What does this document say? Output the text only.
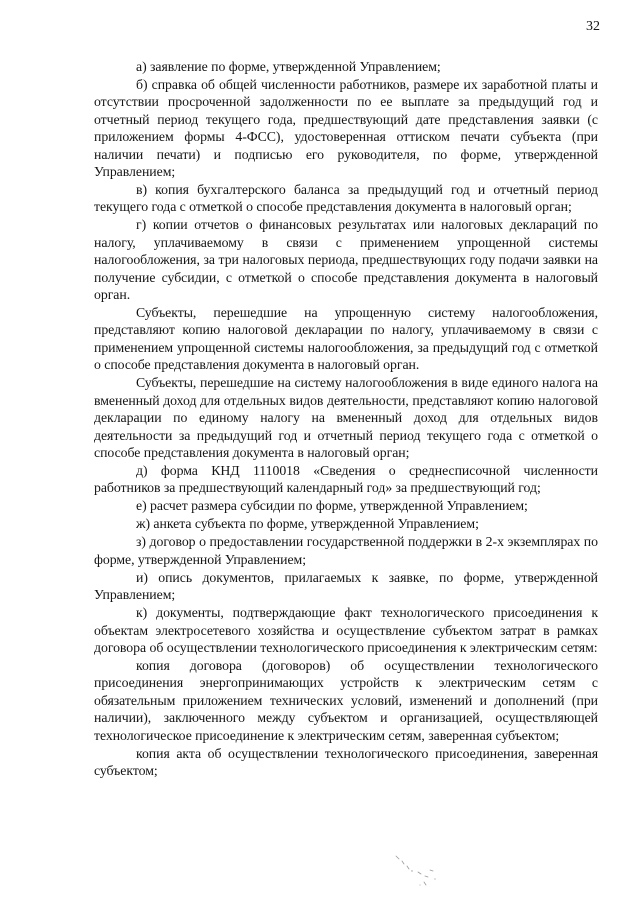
32

а) заявление по форме, утвержденной Управлением;

б) справка об общей численности работников, размере их заработной платы и отсутствии просроченной задолженности по ее выплате за предыдущий год и отчетный период текущего года, предшествующий дате представления заявки (с приложением формы 4-ФСС), удостоверенная оттиском печати субъекта (при наличии печати) и подписью его руководителя, по форме, утвержденной Управлением;

в) копия бухгалтерского баланса за предыдущий год и отчетный период текущего года с отметкой о способе представления документа в налоговый орган;

г) копии отчетов о финансовых результатах или налоговых деклараций по налогу, уплачиваемому в связи с применением упрощенной системы налогообложения, за три налоговых периода, предшествующих году подачи заявки на получение субсидии, с отметкой о способе представления документа в налоговый орган.

Субъекты, перешедшие на упрощенную систему налогообложения, представляют копию налоговой декларации по налогу, уплачиваемому в связи с применением упрощенной системы налогообложения, за предыдущий год с отметкой о способе представления документа в налоговый орган.

Субъекты, перешедшие на систему налогообложения в виде единого налога на вмененный доход для отдельных видов деятельности, представляют копию налоговой декларации по единому налогу на вмененный доход для отдельных видов деятельности за предыдущий год и отчетный период текущего года с отметкой о способе представления документа в налоговый орган;

д) форма КНД 1110018 «Сведения о среднесписочной численности работников за предшествующий календарный год» за предшествующий год;

е) расчет размера субсидии по форме, утвержденной Управлением;

ж) анкета субъекта по форме, утвержденной Управлением;

з) договор о предоставлении государственной поддержки в 2-х экземплярах по форме, утвержденной Управлением;

и) опись документов, прилагаемых к заявке, по форме, утвержденной Управлением;

к) документы, подтверждающие факт технологического присоединения к объектам электросетевого хозяйства и осуществление субъектом затрат в рамках договора об осуществлении технологического присоединения к электрическим сетям:

копия договора (договоров) об осуществлении технологического присоединения энергопринимающих устройств к электрическим сетям с обязательным приложением технических условий, изменений и дополнений (при наличии), заключенного между субъектом и организацией, осуществляющей технологическое присоединение к электрическим сетям, заверенная субъектом;

копия акта об осуществлении технологического присоединения, заверенная субъектом;
